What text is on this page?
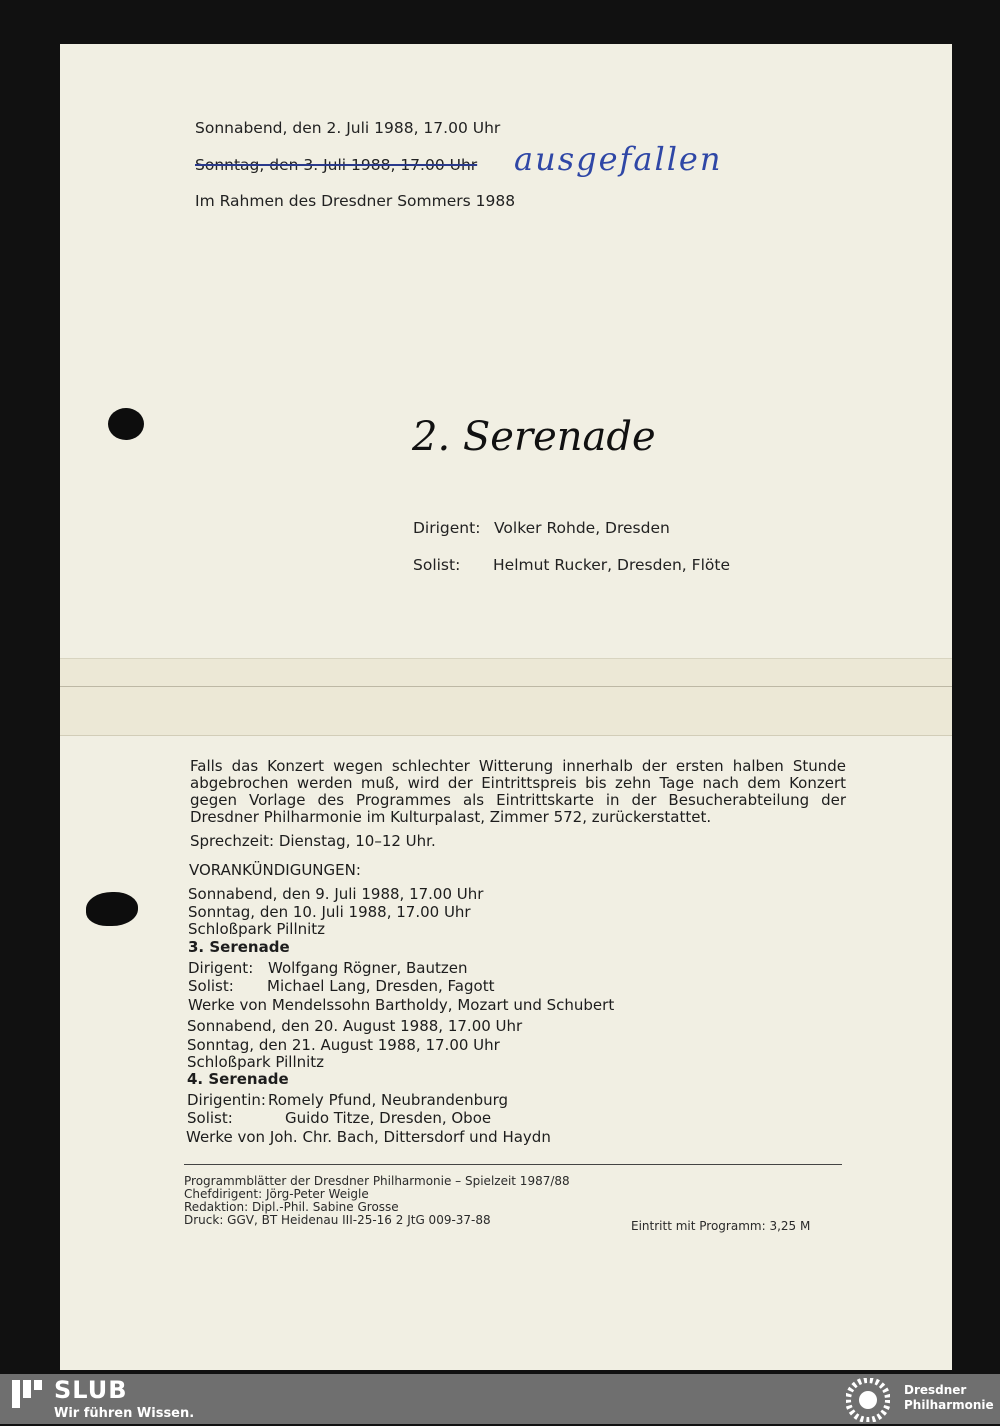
Sonnabend, den 2. Juli 1988, 17.00 Uhr
Sonntag, den 3. Juli 1988, 17.00 Uhr ausgefallen
Im Rahmen des Dresdner Sommers 1988
2. Serenade
Dirigent: Volker Rohde, Dresden
Solist: Helmut Rucker, Dresden, Flöte
Falls das Konzert wegen schlechter Witterung innerhalb der ersten halben Stunde abgebrochen werden muß, wird der Eintrittspreis bis zehn Tage nach dem Konzert gegen Vorlage des Programmes als Eintrittskarte in der Besucherabteilung der Dresdner Philharmonie im Kulturpalast, Zimmer 572, zurückerstattet.
Sprechzeit: Dienstag, 10–12 Uhr.
VORANKÜNDIGUNGEN:
Sonnabend, den 9. Juli 1988, 17.00 Uhr
Sonntag, den 10. Juli 1988, 17.00 Uhr
Schloßpark Pillnitz
3. Serenade
Dirigent: Wolfgang Rögner, Bautzen
Solist: Michael Lang, Dresden, Fagott
Werke von Mendelssohn Bartholdy, Mozart und Schubert
Sonnabend, den 20. August 1988, 17.00 Uhr
Sonntag, den 21. August 1988, 17.00 Uhr
Schloßpark Pillnitz
4. Serenade
Dirigentin: Romely Pfund, Neubrandenburg
Solist:	Guido Titze, Dresden, Oboe
Werke von Joh. Chr. Bach, Dittersdorf und Haydn
Programmblätter der Dresdner Philharmonie – Spielzeit 1987/88
Chefdirigent: Jörg-Peter Weigle
Redaktion: Dipl.-Phil. Sabine Grosse
Druck: GGV, BT Heidenau III-25-16 2 JtG 009-37-88	Eintritt mit Programm: 3,25 M
SLUB
Wir führen Wissen.
Dresdner
Philharmonie
